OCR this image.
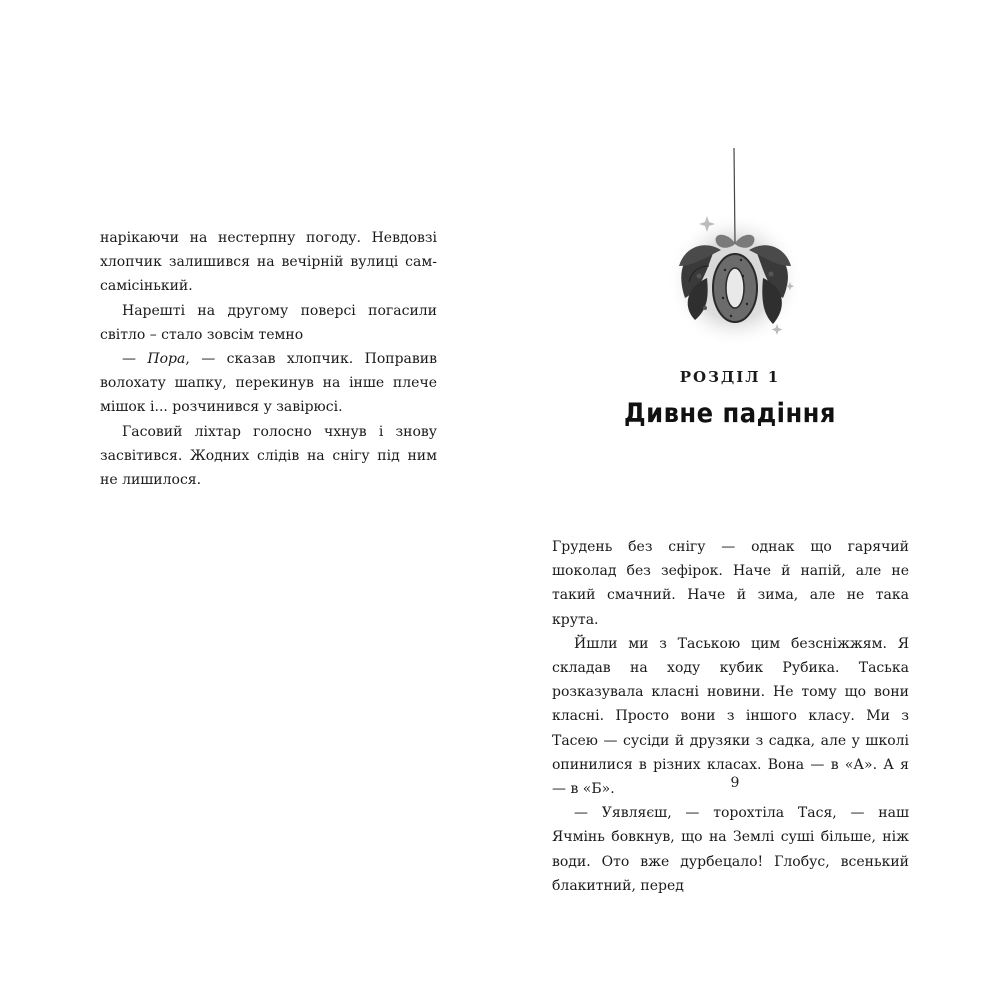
нарікаючи на нестерпну погоду. Невдовзі хлопчик залишився на вечірній вулиці сам-самісінький.

Нарешті на другому поверсі погасили світло – стало зовсім темно

— Пора, — сказав хлопчик. Поправив волохату шапку, перекинув на інше плече мішок і... розчинився у завірюсі.

Гасовий ліхтар голосно чхнув і знову засвітився. Жодних слідів на снігу під ним не лишилося.

РОЗДІЛ 1
Дивне падіння

Грудень без снігу — однак що гарячий шоколад без зефірок. Наче й напій, але не такий смачний. Наче й зима, але не така крута.

Йшли ми з Таською цим безсніжжям. Я складав на ходу кубик Рубика. Таська розказувала класні новини. Не тому що вони класні. Просто вони з іншого класу. Ми з Тасею — сусіди й друзяки з садка, але у школі опинилися в різних класах. Вона — в «А». А я — в «Б».

— Уявляєш, — торохтіла Тася, — наш Ячмінь бовкнув, що на Землі суші більше, ніж води. Ото вже дурбецало! Глобус, всенький блакитний, перед

9
